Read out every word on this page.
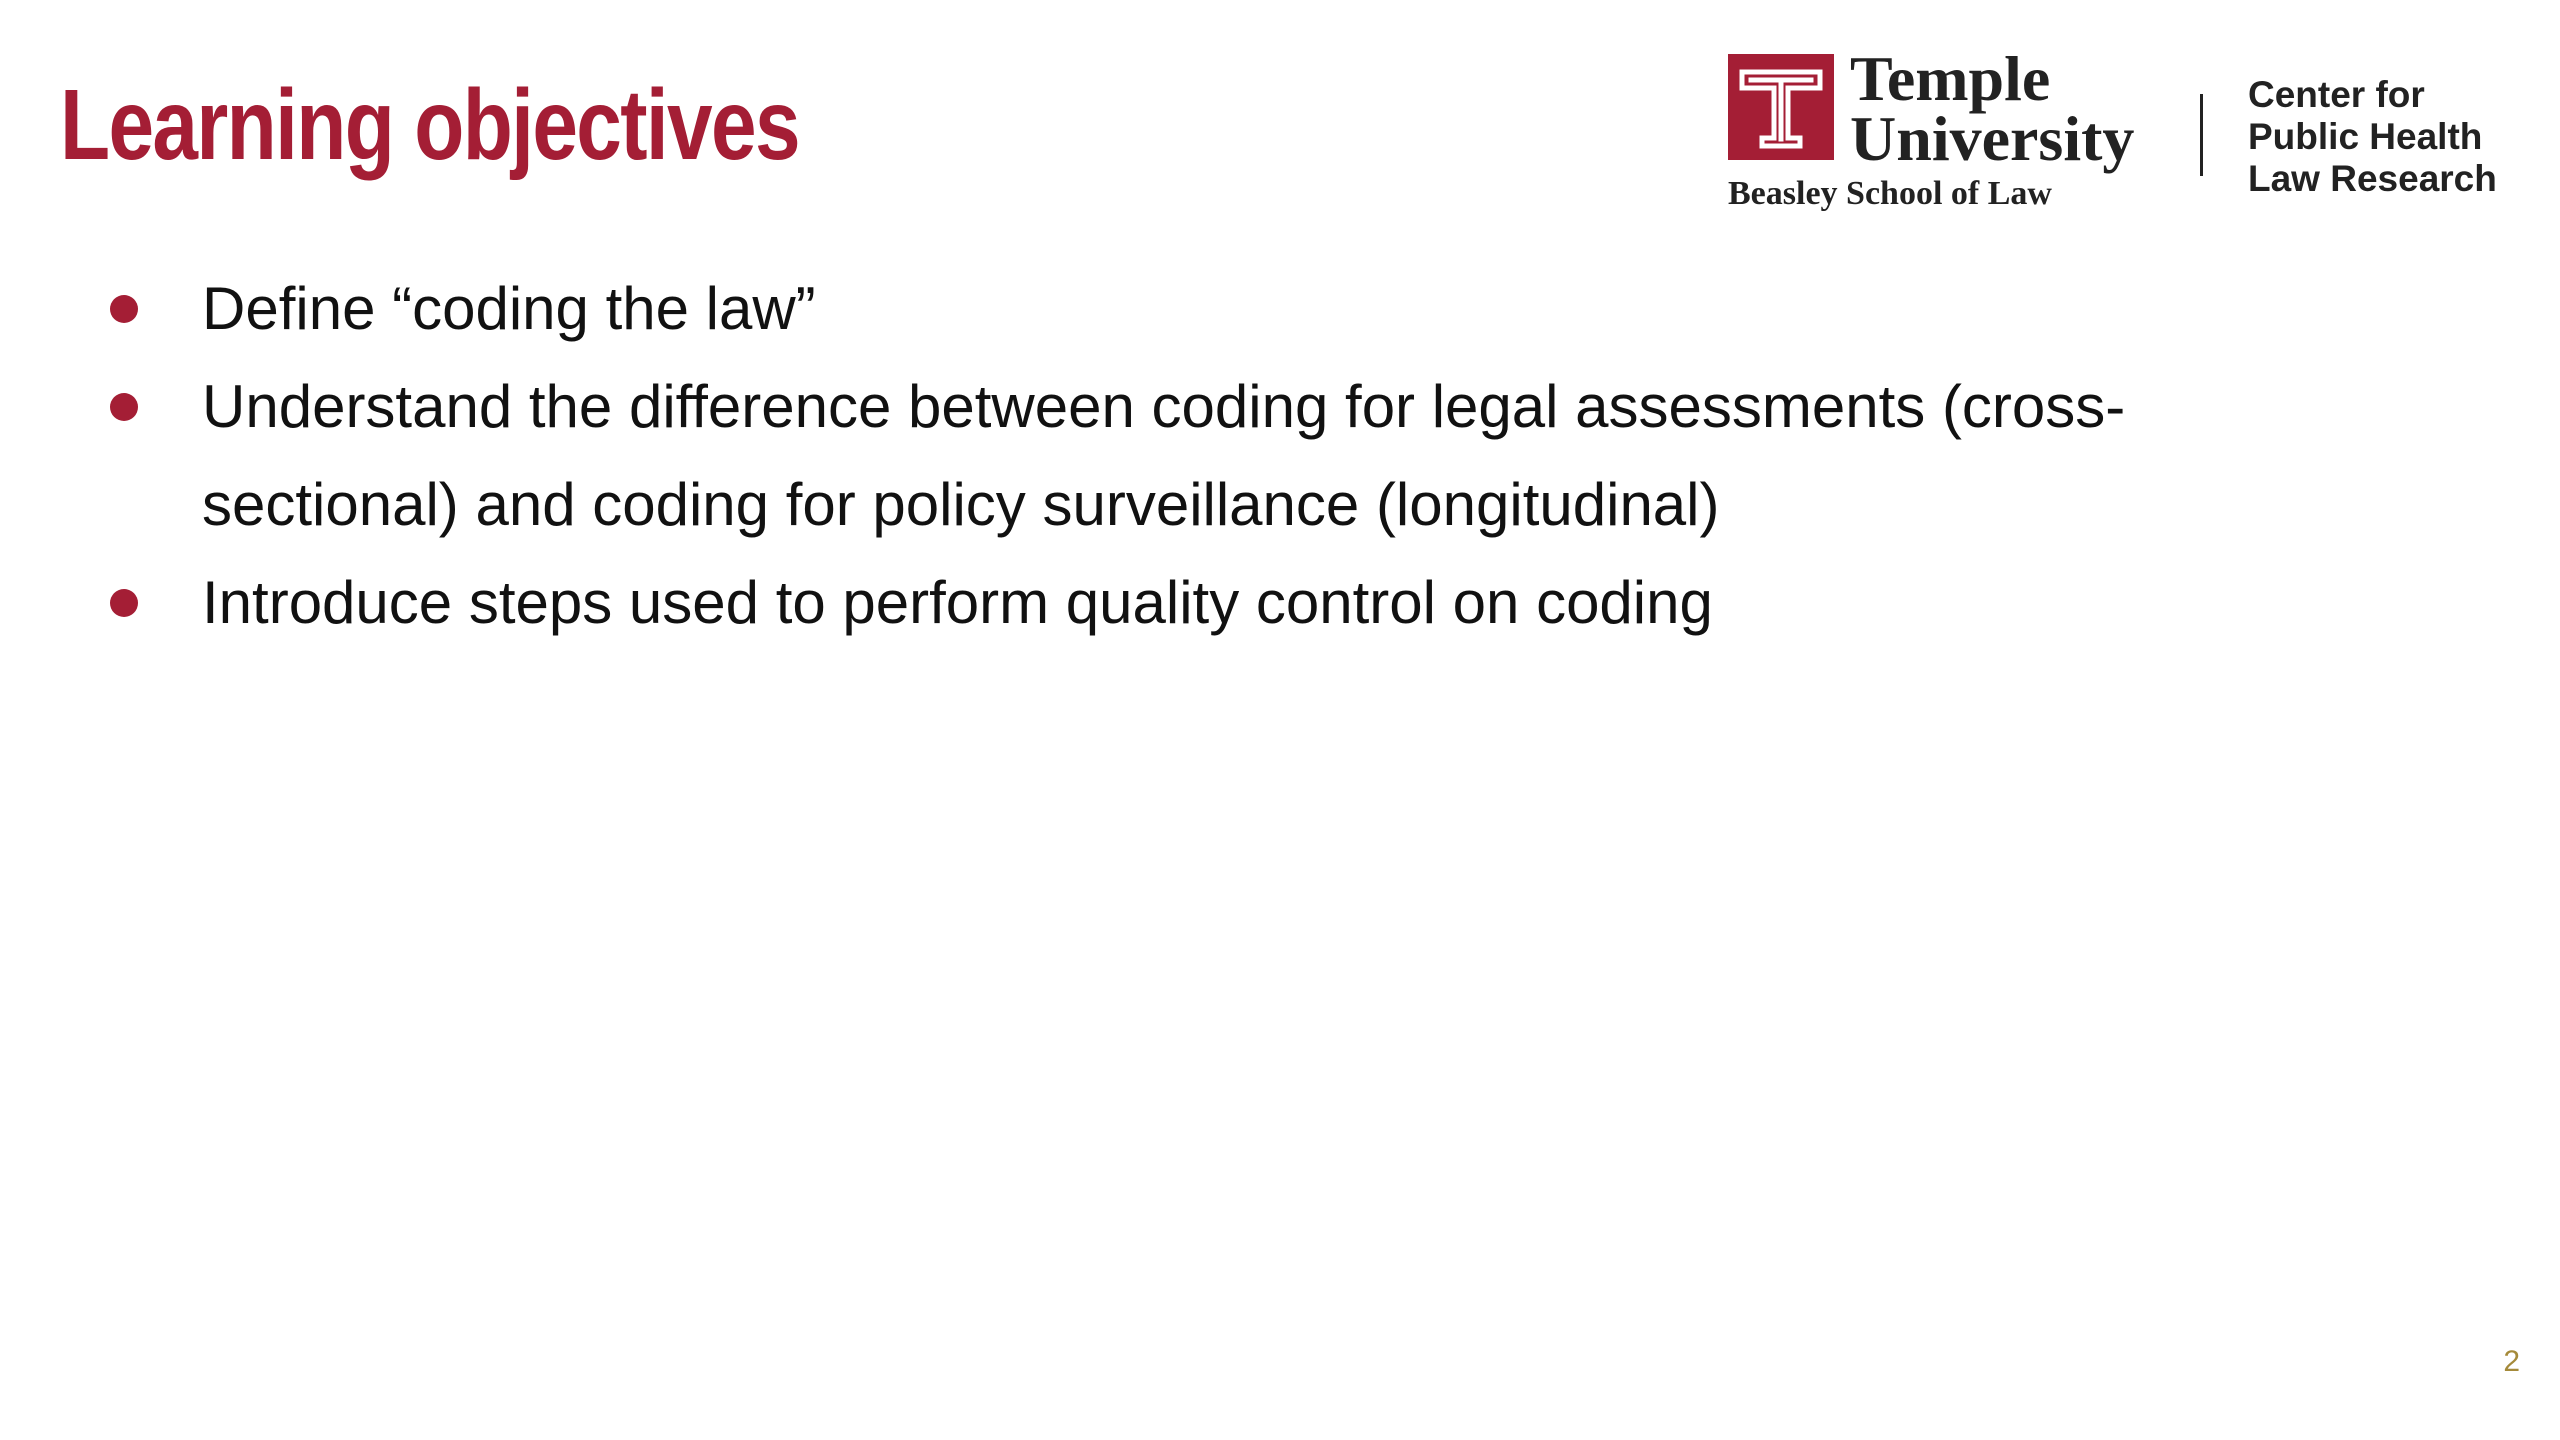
Learning objectives	Temple
University
Beasley School of Law
Center for
Public Health
Law Research
Define “coding the law”
Understand the difference between coding for legal assessments (cross-sectional) and coding for policy surveillance (longitudinal)
Introduce steps used to perform quality control on coding
2
